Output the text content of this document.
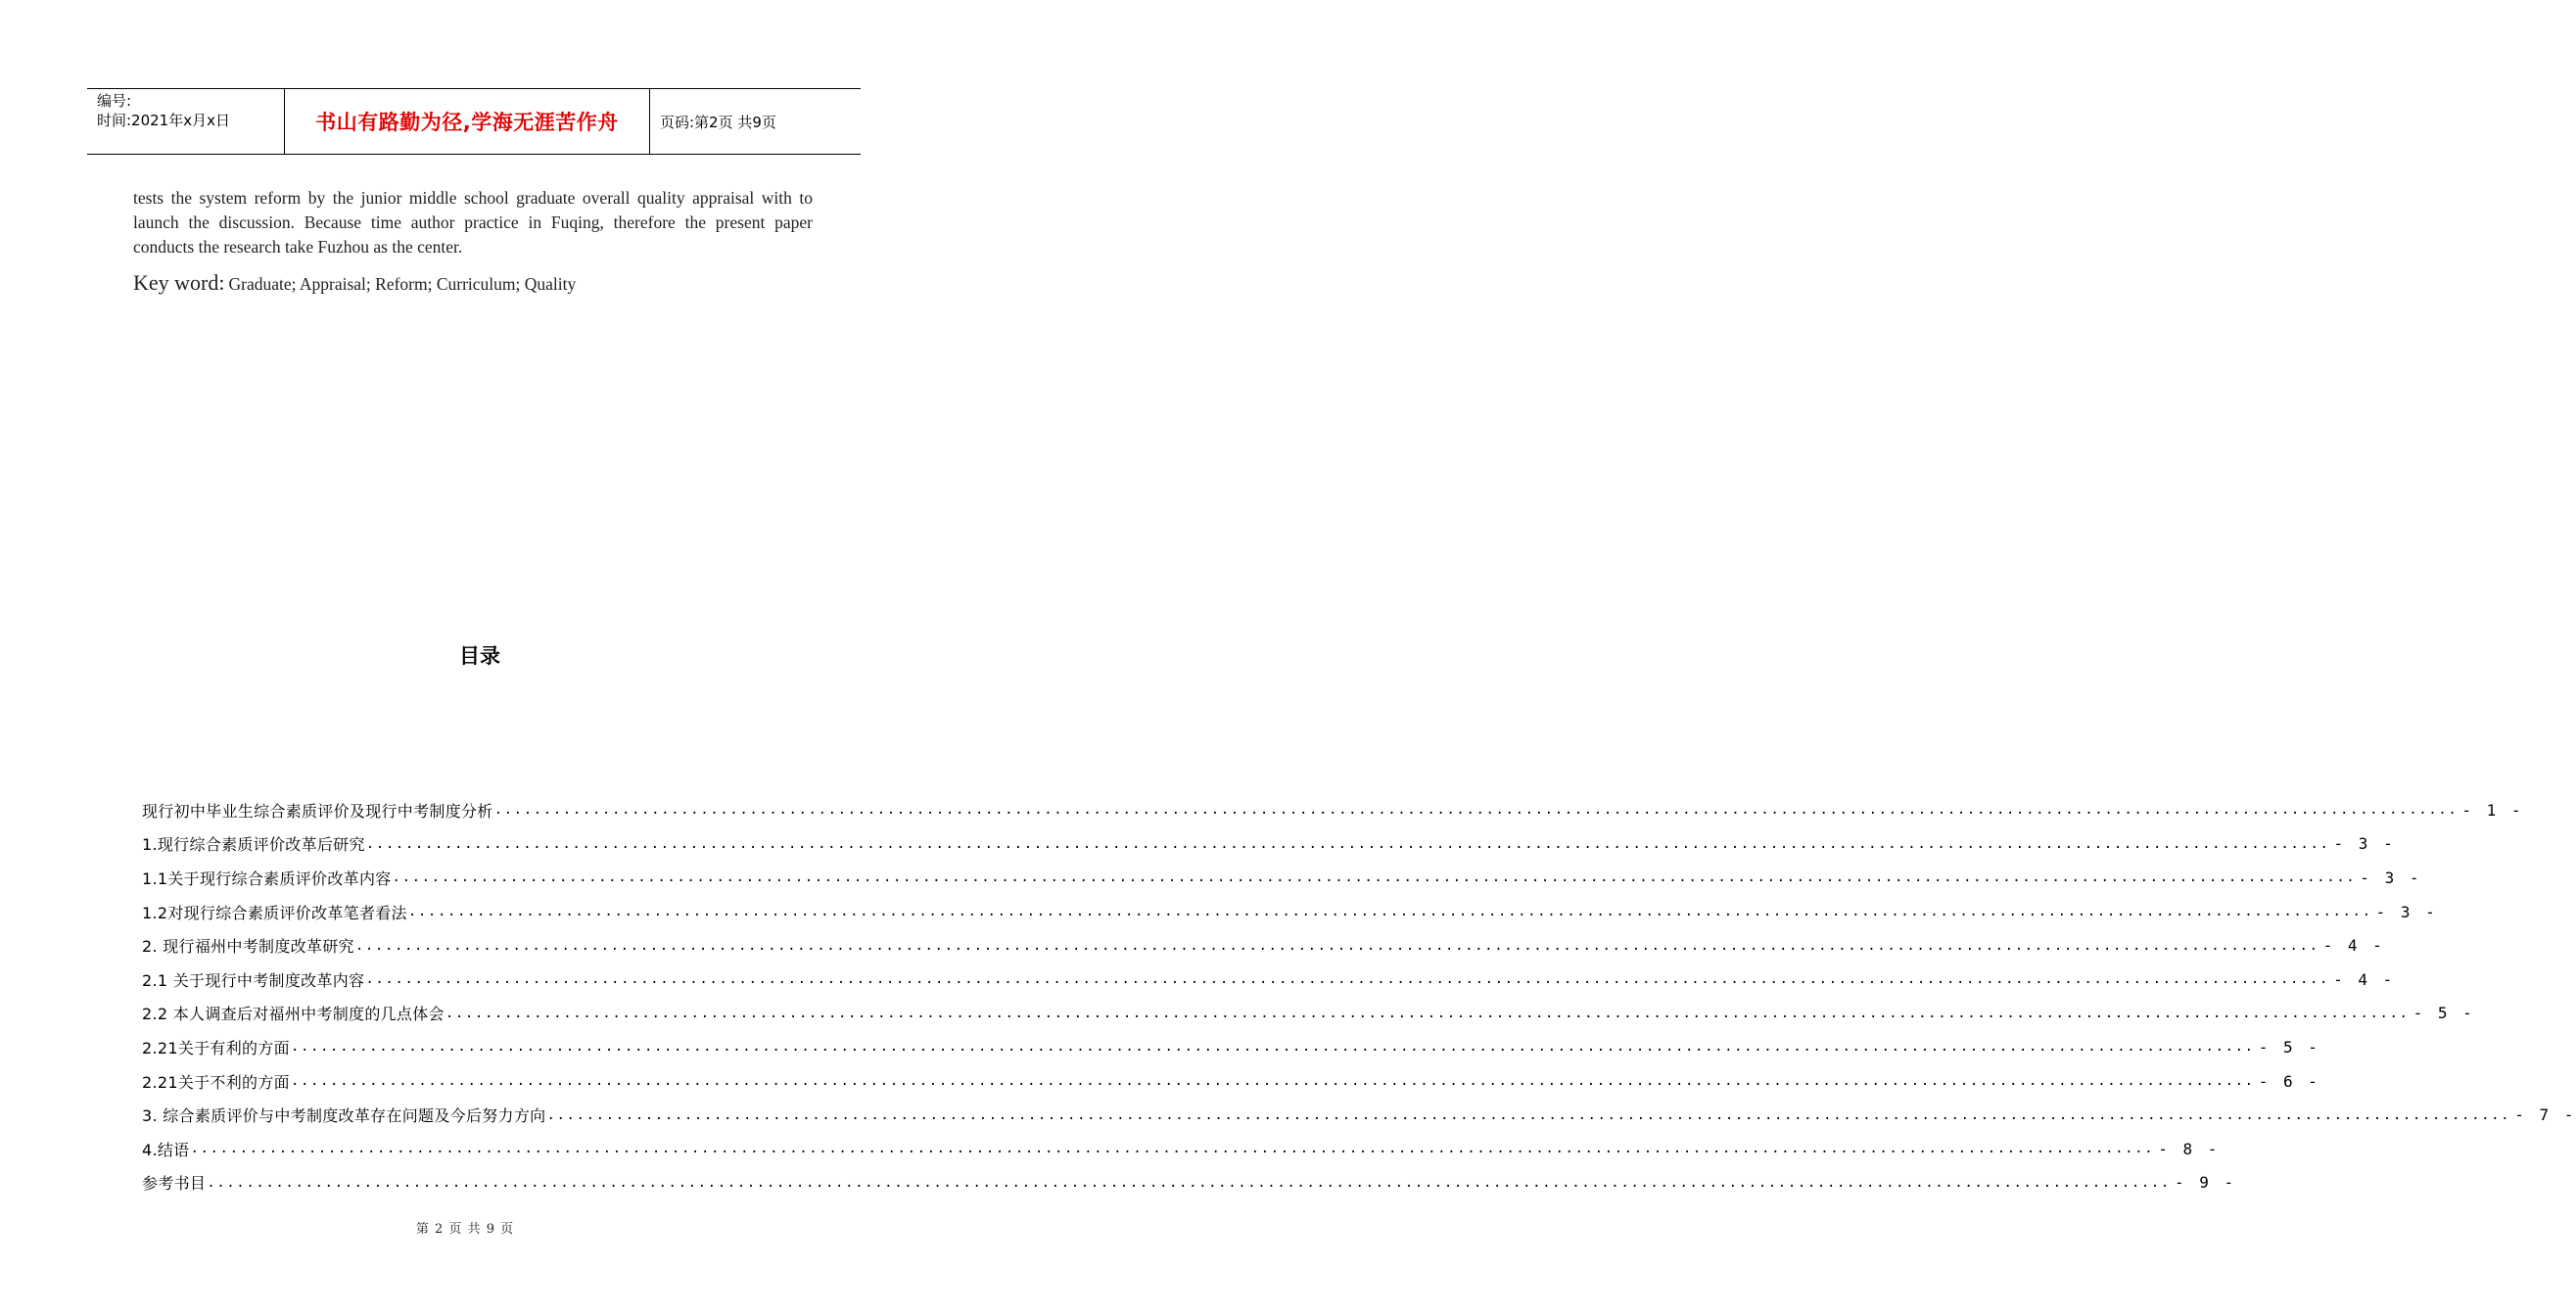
编号:
时间:2021年x月x日	书山有路勤为径,学海无涯苦作舟	页码:第2页 共9页
tests the system reform by the junior middle school graduate overall quality appraisal with to launch the discussion. Because time author practice in Fuqing, therefore the present paper conducts the research take Fuzhou as the center.
Key word: Graduate; Appraisal; Reform; Curriculum; Quality
目录
现行初中毕业生综合素质评价及现行中考制度分析 ........................................................................................................................................................................................................ - 1 -
1.现行综合素质评价改革后研究 ........................................................................................................................................................................................................ - 3 -
1.1关于现行综合素质评价改革内容 ........................................................................................................................................................................................................ - 3 -
1.2对现行综合素质评价改革笔者看法 ........................................................................................................................................................................................................ - 3 -
2. 现行福州中考制度改革研究 ........................................................................................................................................................................................................ - 4 -
2.1 关于现行中考制度改革内容 ........................................................................................................................................................................................................ - 4 -
2.2 本人调查后对福州中考制度的几点体会 ........................................................................................................................................................................................................ - 5 -
2.21关于有利的方面 ........................................................................................................................................................................................................ - 5 -
2.21关于不利的方面 ........................................................................................................................................................................................................ - 6 -
3. 综合素质评价与中考制度改革存在问题及今后努力方向 ........................................................................................................................................................................................................ - 7 -
4.结语 ........................................................................................................................................................................................................ - 8 -
参考书目 ........................................................................................................................................................................................................ - 9 -
第 2 页 共 9 页
